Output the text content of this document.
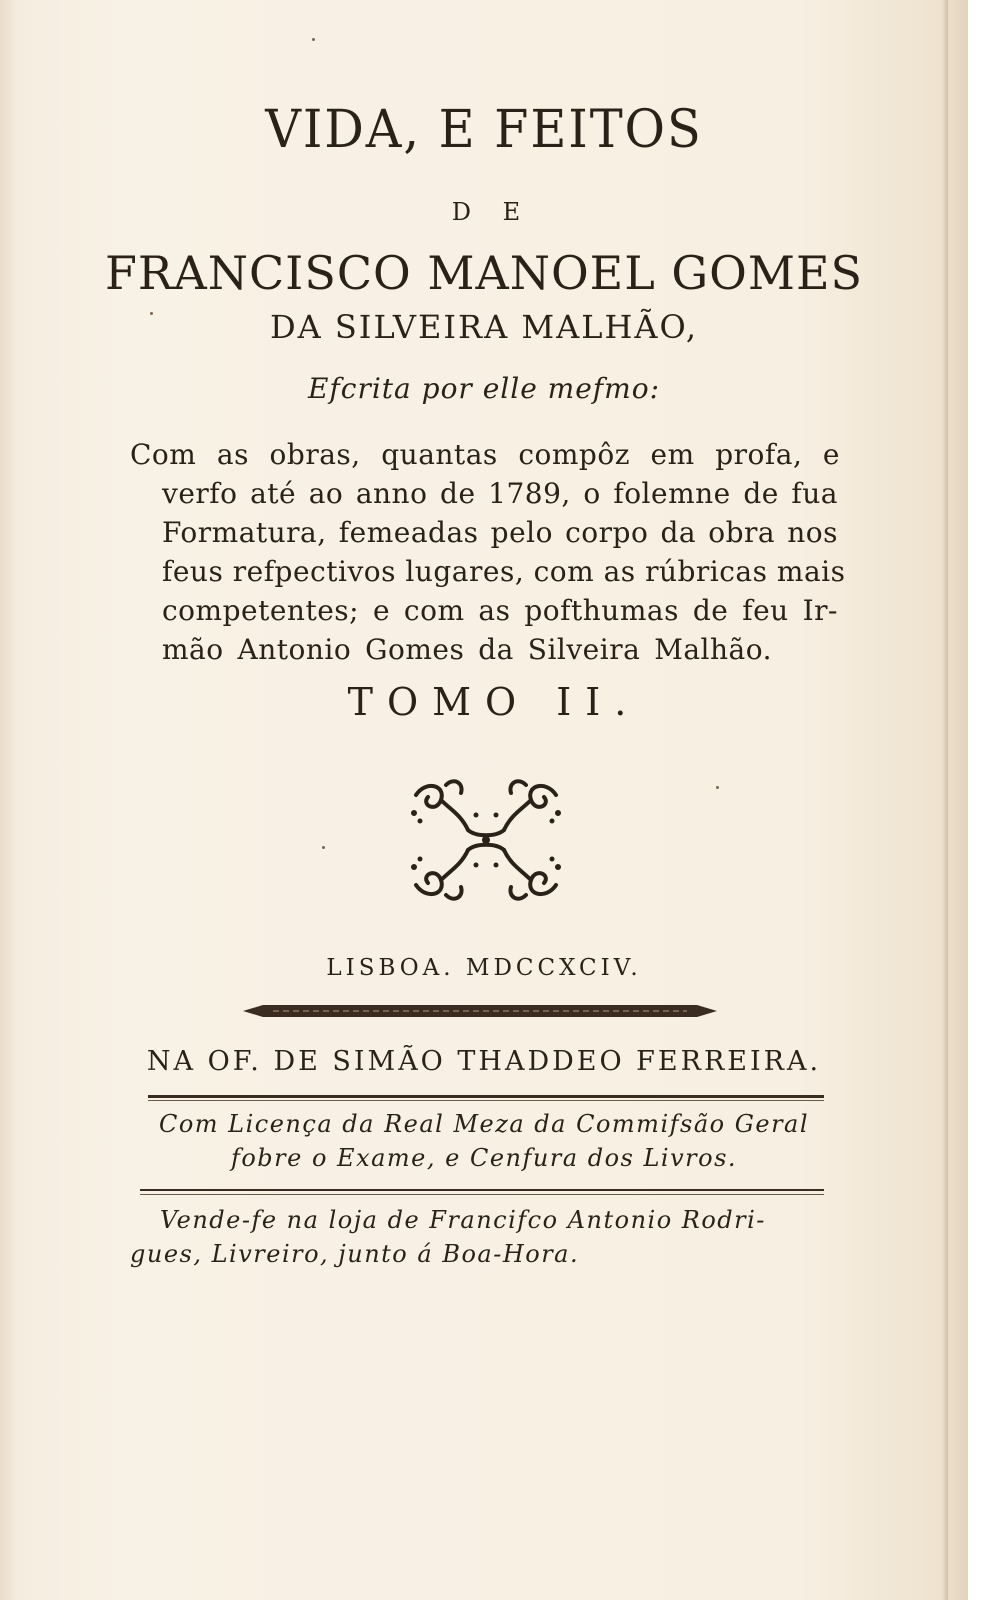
VIDA, E FEITOS
D E
FRANCISCO MANOEL GOMES
DA SILVEIRA MALHÃO,
Efcrita por elle mefmo:
Com as obras, quantas compôz em profa, e
verfo até ao anno de 1789, o folemne de fua
Formatura, femeadas pelo corpo da obra nos
feus refpectivos lugares, com as rúbricas mais
competentes; e com as pofthumas de feu Ir-
mão Antonio Gomes da Silveira Malhão.
TOMO II.
LISBOA. MDCCXCIV.
NA OF. DE SIMÃO THADDEO FERREIRA.
Com Licença da Real Meza da Commifsão Geral
fobre o Exame, e Cenfura dos Livros.
Vende-fe na loja de Francifco Antonio Rodri-
gues, Livreiro, junto á Boa-Hora.
